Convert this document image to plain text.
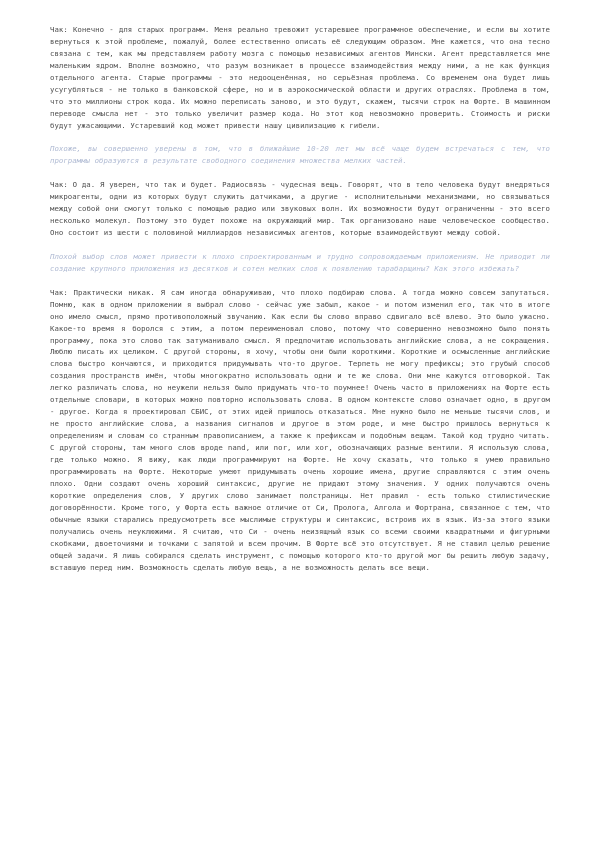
Чак: Конечно - для старых программ. Меня реально тревожит устаревшее программное обеспечение, и если вы хотите вернуться к этой проблеме, пожалуй, более естественно описать её следующим образом. Мне кажется, что она тесно связана с тем, как мы представляем работу мозга с помощью независимых агентов Мински. Агент представляется мне маленьким ядром. Вполне возможно, что разум возникает в процессе взаимодействия между ними, а не как функция отдельного агента. Старые программы - это недооценённая, но серьёзная проблема. Со временем она будет лишь усугубляться - не только в банковской сфере, но и в аэрокосмической области и других отраслях. Проблема в том, что это миллионы строк кода. Их можно переписать заново, и это будут, скажем, тысячи строк на Форте. В машинном переводе смысла нет - это только увеличит размер кода. Но этот код невозможно проверить. Стоимость и риски будут ужасающими. Устаревший код может привести нашу цивилизацию к гибели.

Похоже, вы совершенно уверены в том, что в ближайшие 10-20 лет мы всё чаще будем встречаться с тем, что программы образуются в результате свободного соединения множества мелких частей.

Чак: О да. Я уверен, что так и будет. Радиосвязь - чудесная вещь. Говорят, что в тело человека будут внедряться микроагенты, одни из которых будут служить датчиками, а другие - исполнительными механизмами, но связываться между собой они смогут только с помощью радио или звуковых волн. Их возможности будут ограниченны - это всего несколько молекул. Поэтому это будет похоже на окружающий мир. Так организовано наше человеческое сообщество. Оно состоит из шести с половиной миллиардов независимых агентов, которые взаимодействуют между собой.

Плохой выбор слов может привести к плохо спроектированным и трудно сопровождаемым приложениям. Не приводит ли создание крупного приложения из десятков и сотен мелких слов к появлению тарабарщины? Как этого избежать?

Чак: Практически никак. Я сам иногда обнаруживаю, что плохо подбираю слова. А тогда можно совсем запутаться. Помню, как в одном приложении я выбрал слово - сейчас уже забыл, какое - и потом изменил его, так что в итоге оно имело смысл, прямо противоположный звучанию. Как если бы слово вправо сдвигало всё влево. Это было ужасно. Какое-то время я боролся с этим, а потом переименовал слово, потому что совершенно невозможно было понять программу, пока это слово так затуманивало смысл. Я предпочитаю использовать английские слова, а не сокращения. Люблю писать их целиком. С другой стороны, я хочу, чтобы они были короткими. Короткие и осмысленные английские слова быстро кончаются, и приходится придумывать что-то другое. Терпеть не могу префиксы; это грубый способ создания пространств имён, чтобы многократно использовать одни и те же слова. Они мне кажутся отговоркой. Так легко различать слова, но неужели нельзя было придумать что-то поумнее! Очень часто в приложениях на Форте есть отдельные словари, в которых можно повторно использовать слова. В одном контексте слово означает одно, в другом - другое. Когда я проектировал СБИС, от этих идей пришлось отказаться. Мне нужно было не меньше тысячи слов, и не просто английские слова, а названия сигналов и другое в этом роде, и мне быстро пришлось вернуться к определениям и словам со странным правописанием, а также к префиксам и подобным вещам. Такой код трудно читать. С другой стороны, там много слов вроде nand, или nor, или xor, обозначающих разные вентили. Я использую слова, где только можно. Я вижу, как люди программируют на Форте. Не хочу сказать, что только я умею правильно программировать на Форте. Некоторые умеют придумывать очень хорошие имена, другие справляются с этим очень плохо. Одни создают очень хороший синтаксис, другие не придают этому значения. У одних получаются очень короткие определения слов, У других слово занимает полстраницы. Нет правил - есть только стилистические договорённости. Кроме того, у Форта есть важное отличие от Си, Пролога, Алгола и Фортрана, связанное с тем, что обычные языки старались предусмотреть все мыслимые структуры и синтаксис, встроив их в язык. Из-за этого языки получались очень неуклюжими. Я считаю, что Си - очень неизящный язык со всеми своими квадратными и фигурными скобками, двоеточиями и точками с запятой и всем прочим. В Форте всё это отсутствует. Я не ставил целью решение общей задачи. Я лишь собирался сделать инструмент, с помощью которого кто-то другой мог бы решить любую задачу, вставшую перед ним. Возможность сделать любую вещь, а не возможность делать все вещи.
